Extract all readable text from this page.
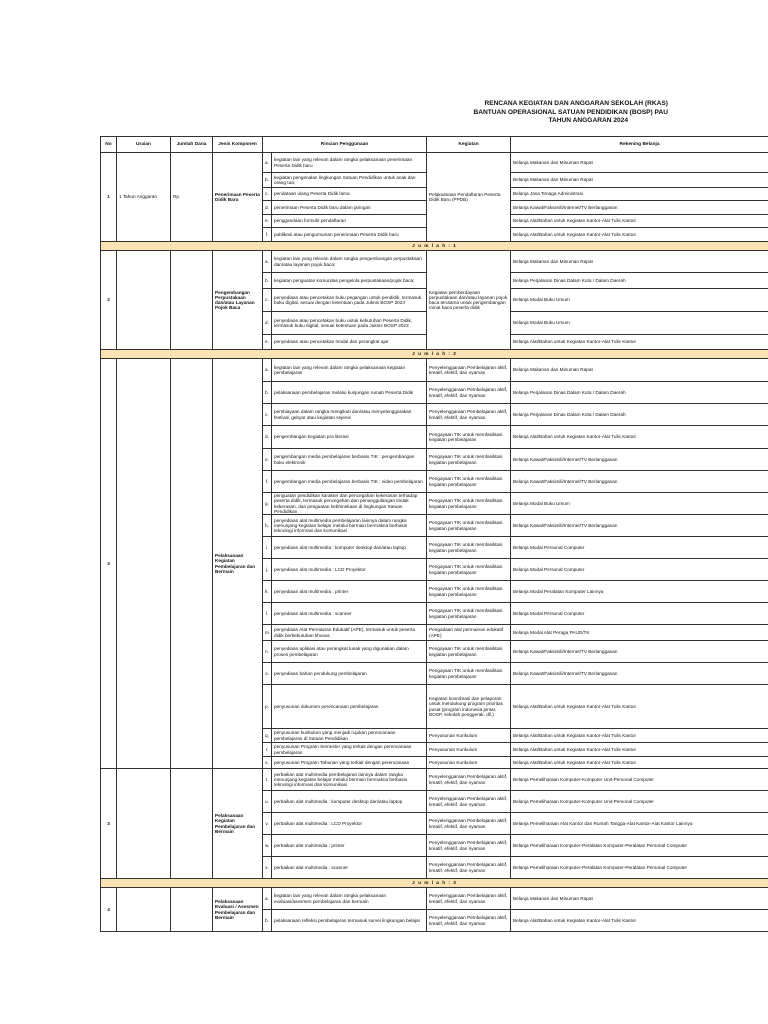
RENCANA KEGIATAN DAN ANGGARAN SEKOLAH (RKAS)
BANTUAN OPERASIONAL SATUAN PENDIDIKAN (BOSP) PAU
TAHUN ANGGARAN 2024
No	Uraian	Jumlah Dana	Jenis Komponen	Rincian Penggunaan		Kegiatan	Rekening Belanja
1	1 Tahun Anggaran	Rp.	Penerimaan Peserta Didik Baru	a.	kegiatan lain yang relevan dalam rangka pelaksanaan penerimaan Peserta Didik baru	Pelaksanaan Pendaftaran Peserta Didik Baru (PPDB)	Belanja Makanan dan Minuman Rapat
				b.	kegiatan pengenalan lingkungan Satuan Pendidikan untuk anak dan orang tua;		Belanja Makanan dan Minuman Rapat
				c.	pendataan ulang Peserta Didik lama		Belanja Jasa Tenaga Administrasi
				d.	penerimaan Peserta Didik baru dalam jaringan		Belanja Kawat/Faksimili/Internet/TV Berlangganan
				e.	penggandaan formulir pendaftaran		Belanja Alat/Bahan untuk Kegiatan Kantor-Alat Tulis Kantor
				f.	publikasi atau pengumuman penerimaan Peserta Didik baru		Belanja Alat/Bahan untuk Kegiatan Kantor-Alat Tulis Kantor
J u m l a h : 1							
2			Pengembangan Perpustakaan dan/atau Layanan Pojok Baca	a.	kegiatan lain yang relevan dalam rangka pengembangan perpustakaan dan/atau layanan pojok baca;	Kegiatan pemberdayaan perpustakaan dan/atau layanan pojok baca terutama untuk pengembangan minat baca peserta didik	Belanja Makanan dan Minuman Rapat
				b.	kegiatan penguatan komunitas pengelola perpustakaan/pojok baca;		Belanja Perjalanan Dinas Dalam Kota / Dalam Daerah
				c.	penyediaan atau pencetakan buku pegangan untuk pendidik, termasuk buku digital, sesuai dengan ketentuan pada Juknis BOSP 2023		Belanja Modal Buku Umum
				d.	penyediaan atau pencetakan buku untuk kebutuhan Peserta Didik, termasuk buku digital, sesuai ketentuan pada Juknis BOSP 2023		Belanja Modal Buku Umum
				e.	penyediaan atau pencetakan modul dan perangkat ajar		Belanja Alat/Bahan untuk Kegiatan Kantor-Alat Tulis Kantor
J u m l a h : 2							
3			Pelaksanaan Kegiatan Pembelajaran dan Bermain	a.	kegiatan lain yang relevan dalam rangka pelaksanaan kegiatan pembelajaran	Penyelenggaraan Pembelajaran aktif, kreatif, efektif, dan nyaman	Belanja Makanan dan Minuman Rapat
				b.	pelaksanaan pembelajaran melalui kunjungan rumah Peserta Didik	Penyelenggaraan Pembelajaran aktif, kreatif, efektif, dan nyaman	Belanja Perjalanan Dinas Dalam Kota / Dalam Daerah
				c.	pembiayaan dalam rangka mengikuti dan/atau menyelenggarakan festival, gebyar atau kegiatan sejenis	Penyelenggaraan Pembelajaran aktif, kreatif, efektif, dan nyaman	Belanja Perjalanan Dinas Dalam Kota / Dalam Daerah
				d.	pengembangan kegiatan pra literasi	Pengayaan TIK untuk memfasilitasi kegiatan pembelajaran	Belanja Alat/Bahan untuk Kegiatan Kantor-Alat Tulis Kantor
				e.	pengembangan media pembelajaran berbasis TIK : pengembangan buku elektronik	Pengayaan TIK untuk memfasilitasi kegiatan pembelajaran	Belanja Kawat/Faksimili/Internet/TV Berlangganan
				f.	pengembangan media pembelajaran berbasis TIK : video pembelajaran	Pengayaan TIK untuk memfasilitasi kegiatan pembelajaran	Belanja Kawat/Faksimili/Internet/TV Berlangganan
				g.	penguatan pendidikan karakter dan pencegahan kekerasan terhadap peserta didik, termasuk pencegahan dan penanggulangan tindak kekerasan, dan penguatan kebhinekaan di lingkungan Satuan Pendidikan	Pengayaan TIK untuk memfasilitasi kegiatan pembelajaran	Belanja Modal Buku Umum
				h.	penyediaan alat multimedia pembelajaran lainnya dalam rangka menunjang kegiatan belajar melalui bermain bermakna berbasis teknologi informasi dan komunikasi	Pengayaan TIK untuk memfasilitasi kegiatan pembelajaran	Belanja Kawat/Faksimili/Internet/TV Berlangganan
				i.	penyediaan alat multimedia : komputer desktop dan/atau laptop	Pengayaan TIK untuk memfasilitasi kegiatan pembelajaran	Belanja Modal Personal Computer
				j.	penyediaan alat multimedia : LCD Proyektor	Pengayaan TIK untuk memfasilitasi kegiatan pembelajaran	Belanja Modal Personal Computer
				k.	penyediaan alat multimedia : printer	Pengayaan TIK untuk memfasilitasi kegiatan pembelajaran	Belanja Modal Peralatan Komputer Lainnya
				l.	penyediaan alat multimedia : scanner	Pengayaan TIK untuk memfasilitasi kegiatan pembelajaran	Belanja Modal Personal Computer
				m.	penyediaan Alat Permainan Edukatif (APE), termasuk untuk peserta didik berkebutuhan khusus	Pengadaan alat permainan edukatif (APE)	Belanja Modal Alat Peraga PAUD/TK
				n.	penyediaan aplikasi atau perangkat lunak yang digunakan dalam proses pembelajaran	Pengayaan TIK untuk memfasilitasi kegiatan pembelajaran	Belanja Kawat/Faksimili/Internet/TV Berlangganan
				o.	penyediaan bahan pendukung pembelajaran	Pengayaan TIK untuk memfasilitasi kegiatan pembelajaran	Belanja Kawat/Faksimili/Internet/TV Berlangganan
				p.	penyusunan dokumen perencanaan pembelajaran	Kegiatan koordinasi dan pelaporan untuk mendukung program prioritas pusat (program indonesia pintar, BOSP, sekolah penggerak, dll.)	Belanja Alat/Bahan untuk Kegiatan Kantor-Alat Tulis Kantor
				q.	penyusunan kurikulum yang menjadi rujukan perencanaan pembelajaran di Satuan Pendidikan	Penyusunan Kurikulum	Belanja Alat/Bahan untuk Kegiatan Kantor-Alat Tulis Kantor
				r.	penyusunan Program Semester yang terkait dengan perencanaan pembelajaran	Penyusunan Kurikulum	Belanja Alat/Bahan untuk Kegiatan Kantor-Alat Tulis Kantor
				s.	penyusunan Program Tahunan yang terkait dengan perencanaan	Penyusunan Kurikulum	Belanja Alat/Bahan untuk Kegiatan Kantor-Alat Tulis Kantor
3			Pelaksanaan Kegiatan Pembelajaran dan Bermain	t.	perbaikan alat multimedia pembelajaran lainnya dalam rangka menunjang kegiatan belajar melalui bermain bermakna berbasis teknologi informasi dan komunikasi	Penyelenggaraan Pembelajaran aktif, kreatif, efektif, dan nyaman	Belanja Pemeliharaan Komputer-Komputer Unit-Personal Computer
				u.	perbaikan alat multimedia : komputer desktop dan/atau laptop	Penyelenggaraan Pembelajaran aktif, kreatif, efektif, dan nyaman	Belanja Pemeliharaan Komputer-Komputer Unit-Personal Computer
				v.	perbaikan alat multimedia : LCD Proyektor	Penyelenggaraan Pembelajaran aktif, kreatif, efektif, dan nyaman	Belanja Pemeliharaan Alat Kantor dan Rumah Tangga-Alat Kantor-Alat Kantor Lainnya
				w.	perbaikan alat multimedia : printer	Penyelenggaraan Pembelajaran aktif, kreatif, efektif, dan nyaman	Belanja Pemeliharaan Komputer-Peralatan Komputer-Peralatan Personal Computer
				x.	perbaikan alat multimedia : scanner	Penyelenggaraan Pembelajaran aktif, kreatif, efektif, dan nyaman	Belanja Pemeliharaan Komputer-Peralatan Komputer-Peralatan Personal Computer
J u m l a h : 3							
4			Pelaksanaan Evaluasi / Asesmen Pembelajaran dan Bermain	a.	kegiatan lain yang relevan dalam rangka pelaksanaan evaluasi/asesmen pembelajaran dan bermain	Penyelenggaraan Pembelajaran aktif, kreatif, efektif, dan nyaman	Belanja Makanan dan Minuman Rapat
				b.	pelaksanaan refleksi pembelajaran termasuk survei lingkungan belajar	Penyelenggaraan Pembelajaran aktif, kreatif, efektif, dan nyaman	Belanja Alat/Bahan untuk Kegiatan Kantor-Alat Tulis Kantor
